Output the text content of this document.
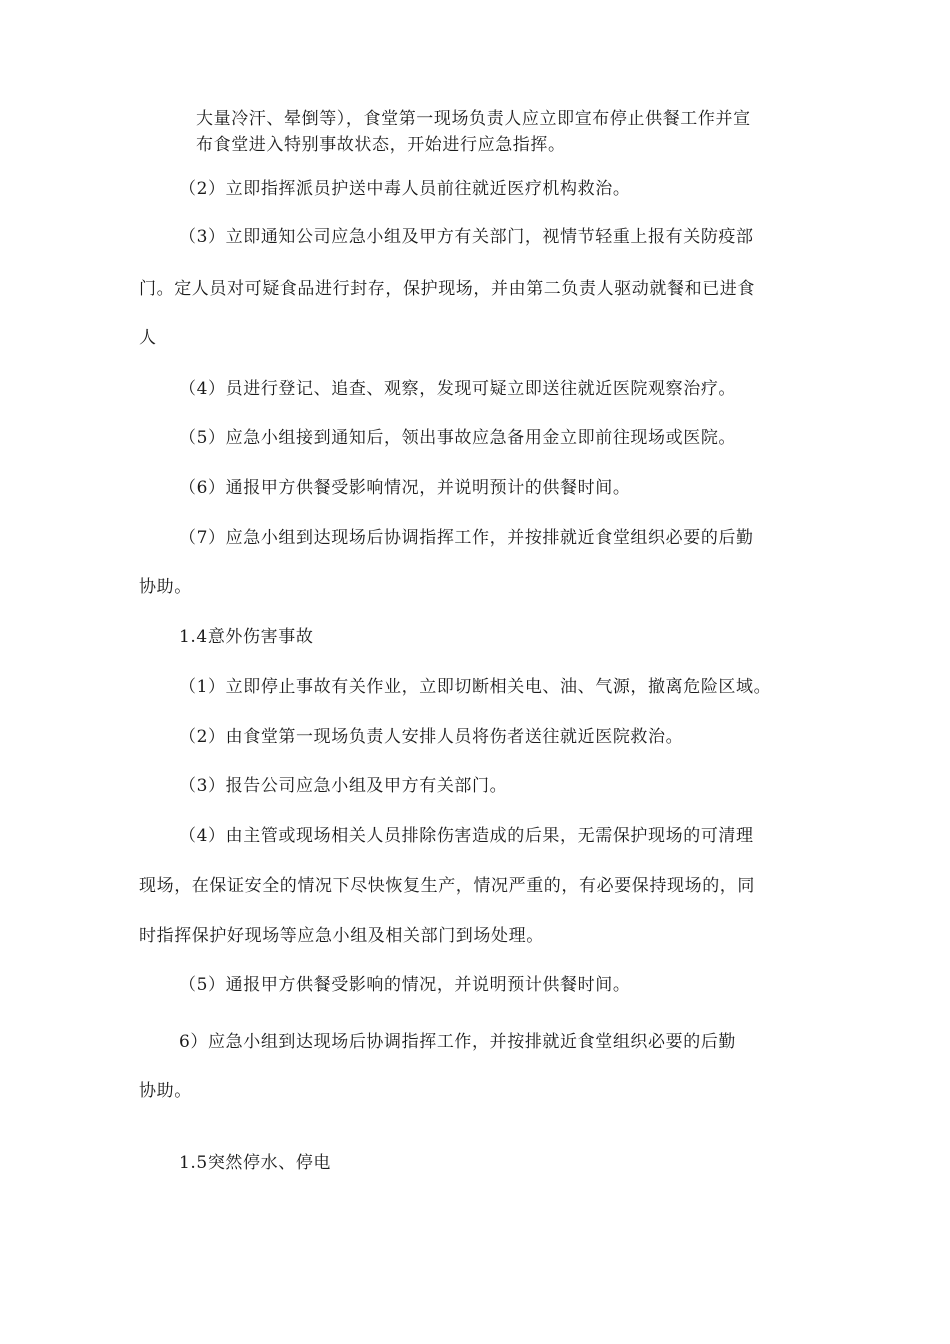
大量冷汗、晕倒等），食堂第一现场负责人应立即宣布停止供餐工作并宣
布食堂进入特别事故状态，开始进行应急指挥。
（2）立即指挥派员护送中毒人员前往就近医疗机构救治。
（3）立即通知公司应急小组及甲方有关部门，视情节轻重上报有关防疫部
门。定人员对可疑食品进行封存，保护现场，并由第二负责人驱动就餐和已进食
人
（4）员进行登记、追查、观察，发现可疑立即送往就近医院观察治疗。
（5）应急小组接到通知后，领出事故应急备用金立即前往现场或医院。
（6）通报甲方供餐受影响情况，并说明预计的供餐时间。
（7）应急小组到达现场后协调指挥工作，并按排就近食堂组织必要的后勤
协助。
1.4意外伤害事故
（1）立即停止事故有关作业，立即切断相关电、油、气源，撤离危险区域。
（2）由食堂第一现场负责人安排人员将伤者送往就近医院救治。
（3）报告公司应急小组及甲方有关部门。
（4）由主管或现场相关人员排除伤害造成的后果，无需保护现场的可清理
现场，在保证安全的情况下尽快恢复生产，情况严重的，有必要保持现场的，同
时指挥保护好现场等应急小组及相关部门到场处理。
（5）通报甲方供餐受影响的情况，并说明预计供餐时间。
6）应急小组到达现场后协调指挥工作，并按排就近食堂组织必要的后勤
协助。
1.5突然停水、停电
